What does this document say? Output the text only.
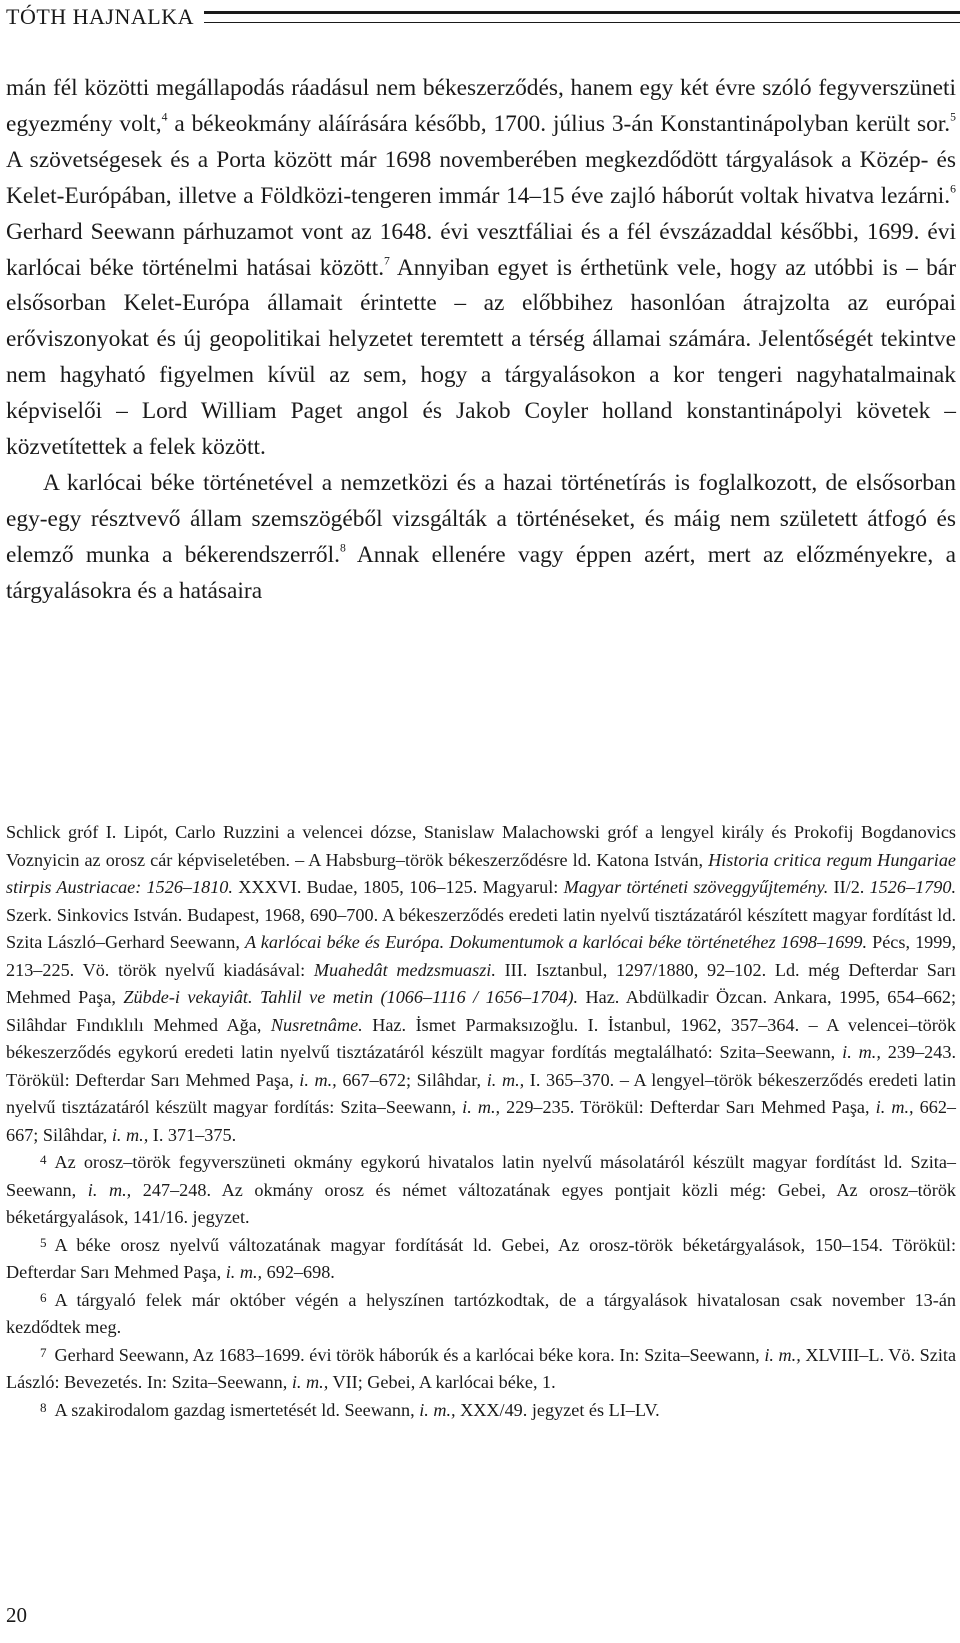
TÓTH HAJNALKA

mán fél közötti megállapodás ráadásul nem békeszerződés, hanem egy két évre szóló fegyverszüneti egyezmény volt,$^4$ a békeokmány aláírására később, 1700. július 3-án Konstantinápolyban került sor.$^5$ A szövetségesek és a Porta között már 1698 novemberében megkezdődött tárgyalások a Közép- és Kelet-Európában, illetve a Földközi-tengeren immár 14–15 éve zajló háborút voltak hivatva lezárni.$^6$ Gerhard Seewann párhuzamot vont az 1648. évi vesztfáliai és a fél évszázaddal későbbi, 1699. évi karlócai béke történelmi hatásai között.$^7$ Annyiban egyet is érthetünk vele, hogy az utóbbi is – bár elsősorban Kelet-Európa államait érintette – az előbbihez hasonlóan átrajzolta az európai erőviszonyokat és új geopolitikai helyzetet teremtett a térség államai számára. Jelentőségét tekintve nem hagyható figyelmen kívül az sem, hogy a tárgyalásokon a kor tengeri nagyhatalmainak képviselői – Lord William Paget angol és Jakob Coyler holland konstantinápolyi követek – közvetítettek a felek között.

A karlócai béke történetével a nemzetközi és a hazai történetírás is foglalkozott, de elsősorban egy-egy résztvevő állam szemszögéből vizsgálták a történéseket, és máig nem született átfogó és elemző munka a békerendszerről.$^8$ Annak ellenére vagy éppen azért, mert az előzményekre, a tárgyalásokra és a hatásaira

Schlick gróf I. Lipót, Carlo Ruzzini a velencei dózse, Stanislaw Malachowski gróf a lengyel király és Prokofij Bogdanovics Voznyicin az orosz cár képviseletében. – A Habsburg–török békeszerződésre ld. Katona István, Historia critica regum Hungariae stirpis Austriacae: 1526–1810. XXXVI. Budae, 1805, 106–125. Magyarul: Magyar történeti szöveggyűjtemény. II/2. 1526–1790. Szerk. Sinkovics István. Budapest, 1968, 690–700. A békeszerződés eredeti latin nyelvű tisztázatáról készített magyar fordítást ld. Szita László–Gerhard Seewann, A karlócai béke és Európa. Dokumentumok a karlócai béke történetéhez 1698–1699. Pécs, 1999, 213–225. Vö. török nyelvű kiadásával: Muahedât medzsmuaszi. III. Isztanbul, 1297/1880, 92–102. Ld. még Defterdar Sarı Mehmed Paşa, Zübde-i vekayiât. Tahlil ve metin (1066–1116 / 1656–1704). Haz. Abdülkadir Özcan. Ankara, 1995, 654–662; Silâhdar Fındıklılı Mehmed Ağa, Nusretnâme. Haz. İsmet Parmaksızoğlu. I. İstanbul, 1962, 357–364. – A velencei–török békeszerződés egykorú eredeti latin nyelvű tisztázatáról készült magyar fordítás megtalálható: Szita–Seewann, i. m., 239–243. Törökül: Defterdar Sarı Mehmed Paşa, i. m., 667–672; Silâhdar, i. m., I. 365–370. – A lengyel–török békeszerződés eredeti latin nyelvű tisztázatáról készült magyar fordítás: Szita–Seewann, i. m., 229–235. Törökül: Defterdar Sarı Mehmed Paşa, i. m., 662–667; Silâhdar, i. m., I. 371–375.

4 Az orosz–török fegyverszüneti okmány egykorú hivatalos latin nyelvű másolatáról készült magyar fordítást ld. Szita–Seewann, i. m., 247–248. Az okmány orosz és német változatának egyes pontjait közli még: Gebei, Az orosz–török béketárgyalások, 141/16. jegyzet.

5 A béke orosz nyelvű változatának magyar fordítását ld. Gebei, Az orosz-török béketárgyalások, 150–154. Törökül: Defterdar Sarı Mehmed Paşa, i. m., 692–698.

6 A tárgyaló felek már október végén a helyszínen tartózkodtak, de a tárgyalások hivatalosan csak november 13-án kezdődtek meg.

7 Gerhard Seewann, Az 1683–1699. évi török háborúk és a karlócai béke kora. In: Szita–Seewann, i. m., XLVIII–L. Vö. Szita László: Bevezetés. In: Szita–Seewann, i. m., VII; Gebei, A karlócai béke, 1.

8 A szakirodalom gazdag ismertetését ld. Seewann, i. m., XXX/49. jegyzet és LI–LV.

20
